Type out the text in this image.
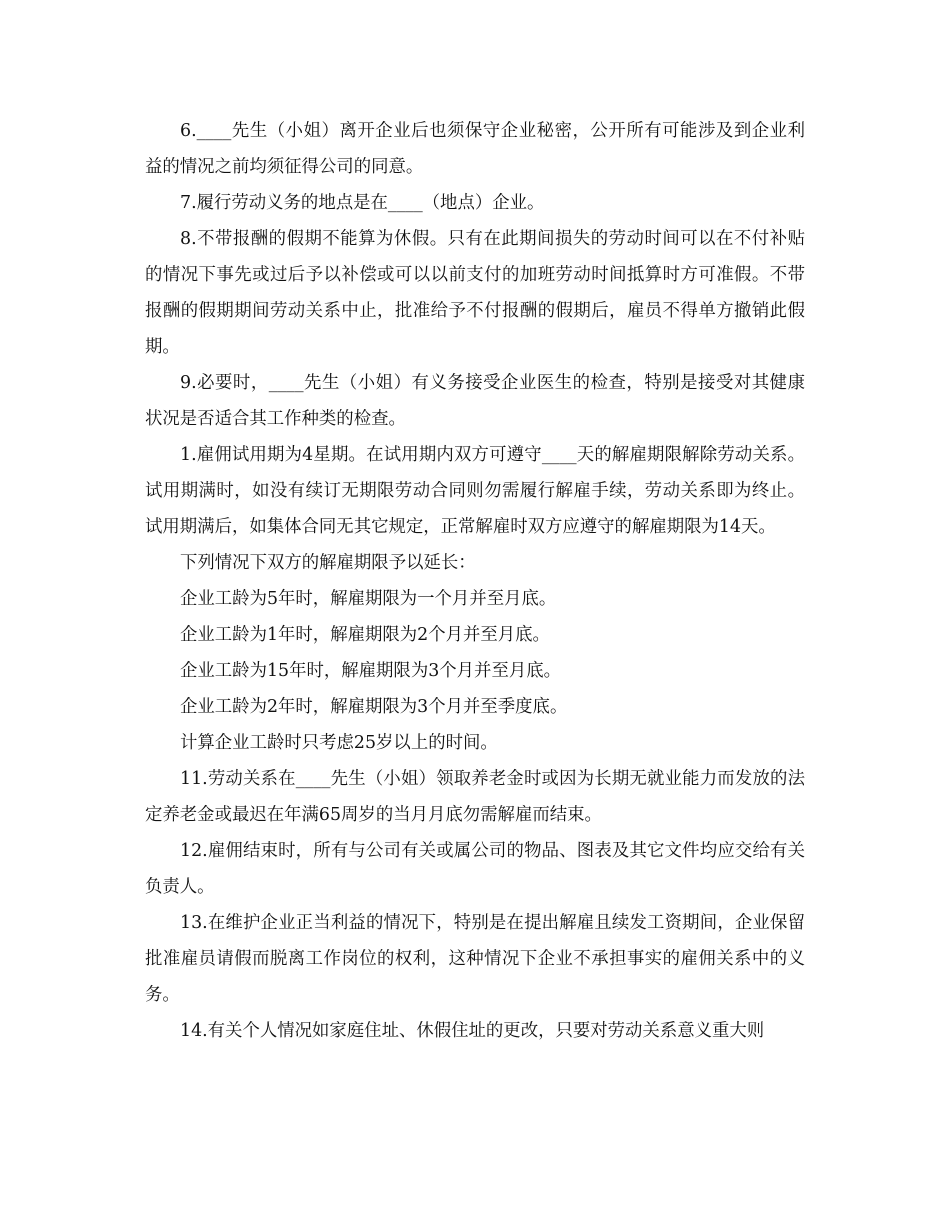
6.____先生（小姐）离开企业后也须保守企业秘密，公开所有可能涉及到企业利益的情况之前均须征得公司的同意。

7.履行劳动义务的地点是在____（地点）企业。

8.不带报酬的假期不能算为休假。只有在此期间损失的劳动时间可以在不付补贴的情况下事先或过后予以补偿或可以以前支付的加班劳动时间抵算时方可准假。不带报酬的假期期间劳动关系中止，批准给予不付报酬的假期后，雇员不得单方撤销此假期。

9.必要时，____先生（小姐）有义务接受企业医生的检查，特别是接受对其健康状况是否适合其工作种类的检查。

1.雇佣试用期为4星期。在试用期内双方可遵守____天的解雇期限解除劳动关系。试用期满时，如没有续订无期限劳动合同则勿需履行解雇手续，劳动关系即为终止。试用期满后，如集体合同无其它规定，正常解雇时双方应遵守的解雇期限为14天。

下列情况下双方的解雇期限予以延长：

企业工龄为5年时，解雇期限为一个月并至月底。

企业工龄为1年时，解雇期限为2个月并至月底。

企业工龄为15年时，解雇期限为3个月并至月底。

企业工龄为2年时，解雇期限为3个月并至季度底。

计算企业工龄时只考虑25岁以上的时间。

11.劳动关系在____先生（小姐）领取养老金时或因为长期无就业能力而发放的法定养老金或最迟在年满65周岁的当月月底勿需解雇而结束。

12.雇佣结束时，所有与公司有关或属公司的物品、图表及其它文件均应交给有关负责人。

13.在维护企业正当利益的情况下，特别是在提出解雇且续发工资期间，企业保留批准雇员请假而脱离工作岗位的权利，这种情况下企业不承担事实的雇佣关系中的义务。

14.有关个人情况如家庭住址、休假住址的更改，只要对劳动关系意义重大则
